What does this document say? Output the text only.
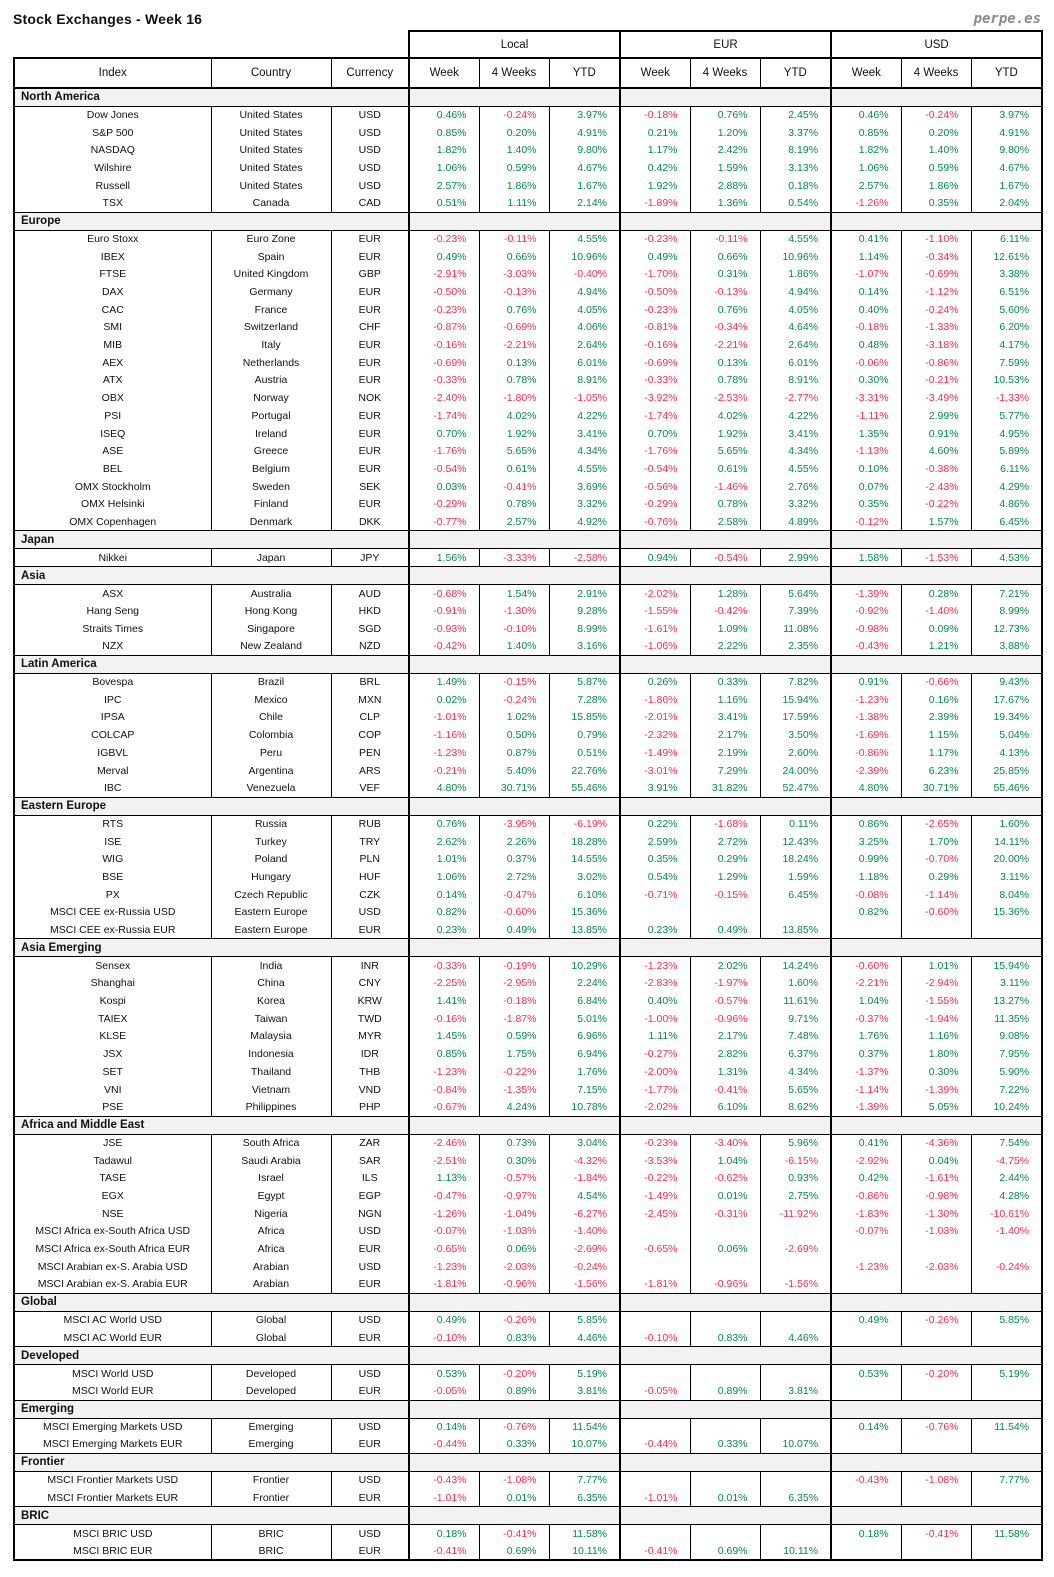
Stock Exchanges - Week 16	perpe.es
			Local			EUR			USD		
Index	Country	Currency	Week	4 Weeks	YTD	Week	4 Weeks	YTD	Week	4 Weeks	YTD
North America											
Dow Jones	United States	USD	0.46%	-0.24%	3.97%	-0.18%	0.76%	2.45%	0.46%	-0.24%	3.97%
S&P 500	United States	USD	0.85%	0.20%	4.91%	0.21%	1.20%	3.37%	0.85%	0.20%	4.91%
NASDAQ	United States	USD	1.82%	1.40%	9.80%	1.17%	2.42%	8.19%	1.82%	1.40%	9.80%
Wilshire	United States	USD	1.06%	0.59%	4.67%	0.42%	1.59%	3.13%	1.06%	0.59%	4.67%
Russell	United States	USD	2.57%	1.86%	1.67%	1.92%	2.88%	0.18%	2.57%	1.86%	1.67%
TSX	Canada	CAD	0.51%	1.11%	2.14%	-1.89%	1.36%	0.54%	-1.26%	0.35%	2.04%
Europe											
Euro Stoxx	Euro Zone	EUR	-0.23%	-0.11%	4.55%	-0.23%	-0.11%	4.55%	0.41%	-1.10%	6.11%
IBEX	Spain	EUR	0.49%	0.66%	10.96%	0.49%	0.66%	10.96%	1.14%	-0.34%	12.61%
FTSE	United Kingdom	GBP	-2.91%	-3.03%	-0.40%	-1.70%	0.31%	1.86%	-1.07%	-0.69%	3.38%
DAX	Germany	EUR	-0.50%	-0.13%	4.94%	-0.50%	-0.13%	4.94%	0.14%	-1.12%	6.51%
CAC	France	EUR	-0.23%	0.76%	4.05%	-0.23%	0.76%	4.05%	0.40%	-0.24%	5.60%
SMI	Switzerland	CHF	-0.87%	-0.69%	4.06%	-0.81%	-0.34%	4.64%	-0.18%	-1.33%	6.20%
MIB	Italy	EUR	-0.16%	-2.21%	2.64%	-0.16%	-2.21%	2.64%	0.48%	-3.18%	4.17%
AEX	Netherlands	EUR	-0.69%	0.13%	6.01%	-0.69%	0.13%	6.01%	-0.06%	-0.86%	7.59%
ATX	Austria	EUR	-0.33%	0.78%	8.91%	-0.33%	0.78%	8.91%	0.30%	-0.21%	10.53%
OBX	Norway	NOK	-2.40%	-1.80%	-1.05%	-3.92%	-2.53%	-2.77%	-3.31%	-3.49%	-1.33%
PSI	Portugal	EUR	-1.74%	4.02%	4.22%	-1.74%	4.02%	4.22%	-1.11%	2.99%	5.77%
ISEQ	Ireland	EUR	0.70%	1.92%	3.41%	0.70%	1.92%	3.41%	1.35%	0.91%	4.95%
ASE	Greece	EUR	-1.76%	5.65%	4.34%	-1.76%	5.65%	4.34%	-1.13%	4.60%	5.89%
BEL	Belgium	EUR	-0.54%	0.61%	4.55%	-0.54%	0.61%	4.55%	0.10%	-0.38%	6.11%
OMX Stockholm	Sweden	SEK	0.03%	-0.41%	3.69%	-0.56%	-1.46%	2.76%	0.07%	-2.43%	4.29%
OMX Helsinki	Finland	EUR	-0.29%	0.78%	3.32%	-0.29%	0.78%	3.32%	0.35%	-0.22%	4.86%
OMX Copenhagen	Denmark	DKK	-0.77%	2.57%	4.92%	-0.76%	2.58%	4.89%	-0.12%	1.57%	6.45%
Japan											
Nikkei	Japan	JPY	1.56%	-3.33%	-2.58%	0.94%	-0.54%	2.99%	1.58%	-1.53%	4.53%
Asia											
ASX	Australia	AUD	-0.68%	1.54%	2.91%	-2.02%	1.28%	5.64%	-1.39%	0.28%	7.21%
Hang Seng	Hong Kong	HKD	-0.91%	-1.30%	9.28%	-1.55%	-0.42%	7.39%	-0.92%	-1.40%	8.99%
Straits Times	Singapore	SGD	-0.93%	-0.10%	8.99%	-1.61%	1.09%	11.08%	-0.98%	0.09%	12.73%
NZX	New Zealand	NZD	-0.42%	1.40%	3.16%	-1.06%	2.22%	2.35%	-0.43%	1.21%	3.88%
Latin America											
Bovespa	Brazil	BRL	1.49%	-0.15%	5.87%	0.26%	0.33%	7.82%	0.91%	-0.66%	9.43%
IPC	Mexico	MXN	0.02%	-0.24%	7.28%	-1.86%	1.16%	15.94%	-1.23%	0.16%	17.67%
IPSA	Chile	CLP	-1.01%	1.02%	15.85%	-2.01%	3.41%	17.59%	-1.38%	2.39%	19.34%
COLCAP	Colombia	COP	-1.16%	0.50%	0.79%	-2.32%	2.17%	3.50%	-1.69%	1.15%	5.04%
IGBVL	Peru	PEN	-1.23%	0.87%	0.51%	-1.49%	2.19%	2.60%	-0.86%	1.17%	4.13%
Merval	Argentina	ARS	-0.21%	5.40%	22.76%	-3.01%	7.29%	24.00%	-2.39%	6.23%	25.85%
IBC	Venezuela	VEF	4.80%	30.71%	55.46%	3.91%	31.82%	52.47%	4.80%	30.71%	55.46%
Eastern Europe											
RTS	Russia	RUB	0.76%	-3.95%	-6.19%	0.22%	-1.68%	0.11%	0.86%	-2.65%	1.60%
ISE	Turkey	TRY	2.62%	2.26%	18.28%	2.59%	2.72%	12.43%	3.25%	1.70%	14.11%
WIG	Poland	PLN	1.01%	0.37%	14.55%	0.35%	0.29%	18.24%	0.99%	-0.70%	20.00%
BSE	Hungary	HUF	1.06%	2.72%	3.02%	0.54%	1.29%	1.59%	1.18%	0.29%	3.11%
PX	Czech Republic	CZK	0.14%	-0.47%	6.10%	-0.71%	-0.15%	6.45%	-0.08%	-1.14%	8.04%
MSCI CEE ex-Russia USD	Eastern Europe	USD	0.82%	-0.60%	15.36%				0.82%	-0.60%	15.36%
MSCI CEE ex-Russia EUR	Eastern Europe	EUR	0.23%	0.49%	13.85%	0.23%	0.49%	13.85%			
Asia Emerging											
Sensex	India	INR	-0.33%	-0.19%	10.29%	-1.23%	2.02%	14.24%	-0.60%	1.01%	15.94%
Shanghai	China	CNY	-2.25%	-2.95%	2.24%	-2.83%	-1.97%	1.60%	-2.21%	-2.94%	3.11%
Kospi	Korea	KRW	1.41%	-0.18%	6.84%	0.40%	-0.57%	11.61%	1.04%	-1.55%	13.27%
TAIEX	Taiwan	TWD	-0.16%	-1.87%	5.01%	-1.00%	-0.96%	9.71%	-0.37%	-1.94%	11.35%
KLSE	Malaysia	MYR	1.45%	0.59%	6.96%	1.11%	2.17%	7.48%	1.76%	1.16%	9.08%
JSX	Indonesia	IDR	0.85%	1.75%	6.94%	-0.27%	2.82%	6.37%	0.37%	1.80%	7.95%
SET	Thailand	THB	-1.23%	-0.22%	1.76%	-2.00%	1.31%	4.34%	-1.37%	0.30%	5.90%
VNI	Vietnam	VND	-0.84%	-1.35%	7.15%	-1.77%	-0.41%	5.65%	-1.14%	-1.39%	7.22%
PSE	Philippines	PHP	-0.67%	4.24%	10.78%	-2.02%	6.10%	8.62%	-1.39%	5.05%	10.24%
Africa and Middle East											
JSE	South Africa	ZAR	-2.46%	0.73%	3.04%	-0.23%	-3.40%	5.96%	0.41%	-4.36%	7.54%
Tadawul	Saudi Arabia	SAR	-2.51%	0.30%	-4.32%	-3.53%	1.04%	-6.15%	-2.92%	0.04%	-4.75%
TASE	Israel	ILS	1.13%	-0.57%	-1.84%	-0.22%	-0.62%	0.93%	0.42%	-1.61%	2.44%
EGX	Egypt	EGP	-0.47%	-0.97%	4.54%	-1.49%	0.01%	2.75%	-0.86%	-0.98%	4.28%
NSE	Nigeria	NGN	-1.26%	-1.04%	-6.27%	-2.45%	-0.31%	-11.92%	-1.83%	-1.30%	-10.61%
MSCI Africa ex-South Africa USD	Africa	USD	-0.07%	-1.03%	-1.40%				-0.07%	-1.03%	-1.40%
MSCI Africa ex-South Africa EUR	Africa	EUR	-0.65%	0.06%	-2.69%	-0.65%	0.06%	-2.69%			
MSCI Arabian ex-S. Arabia USD	Arabian	USD	-1.23%	-2.03%	-0.24%				-1.23%	-2.03%	-0.24%
MSCI Arabian ex-S. Arabia EUR	Arabian	EUR	-1.81%	-0.96%	-1.56%	-1.81%	-0.96%	-1.56%			
Global											
MSCI AC World USD	Global	USD	0.49%	-0.26%	5.85%				0.49%	-0.26%	5.85%
MSCI AC World EUR	Global	EUR	-0.10%	0.83%	4.46%	-0.10%	0.83%	4.46%			
Developed											
MSCI World USD	Developed	USD	0.53%	-0.20%	5.19%				0.53%	-0.20%	5.19%
MSCI World EUR	Developed	EUR	-0.05%	0.89%	3.81%	-0.05%	0.89%	3.81%			
Emerging											
MSCI Emerging Markets USD	Emerging	USD	0.14%	-0.76%	11.54%				0.14%	-0.76%	11.54%
MSCI Emerging Markets EUR	Emerging	EUR	-0.44%	0.33%	10.07%	-0.44%	0.33%	10.07%			
Frontier											
MSCI Frontier Markets USD	Frontier	USD	-0.43%	-1.08%	7.77%				-0.43%	-1.08%	7.77%
MSCI Frontier Markets EUR	Frontier	EUR	-1.01%	0.01%	6.35%	-1.01%	0.01%	6.35%			
BRIC											
MSCI BRIC USD	BRIC	USD	0.18%	-0.41%	11.58%				0.18%	-0.41%	11.58%
MSCI BRIC EUR	BRIC	EUR	-0.41%	0.69%	10.11%	-0.41%	0.69%	10.11%			
